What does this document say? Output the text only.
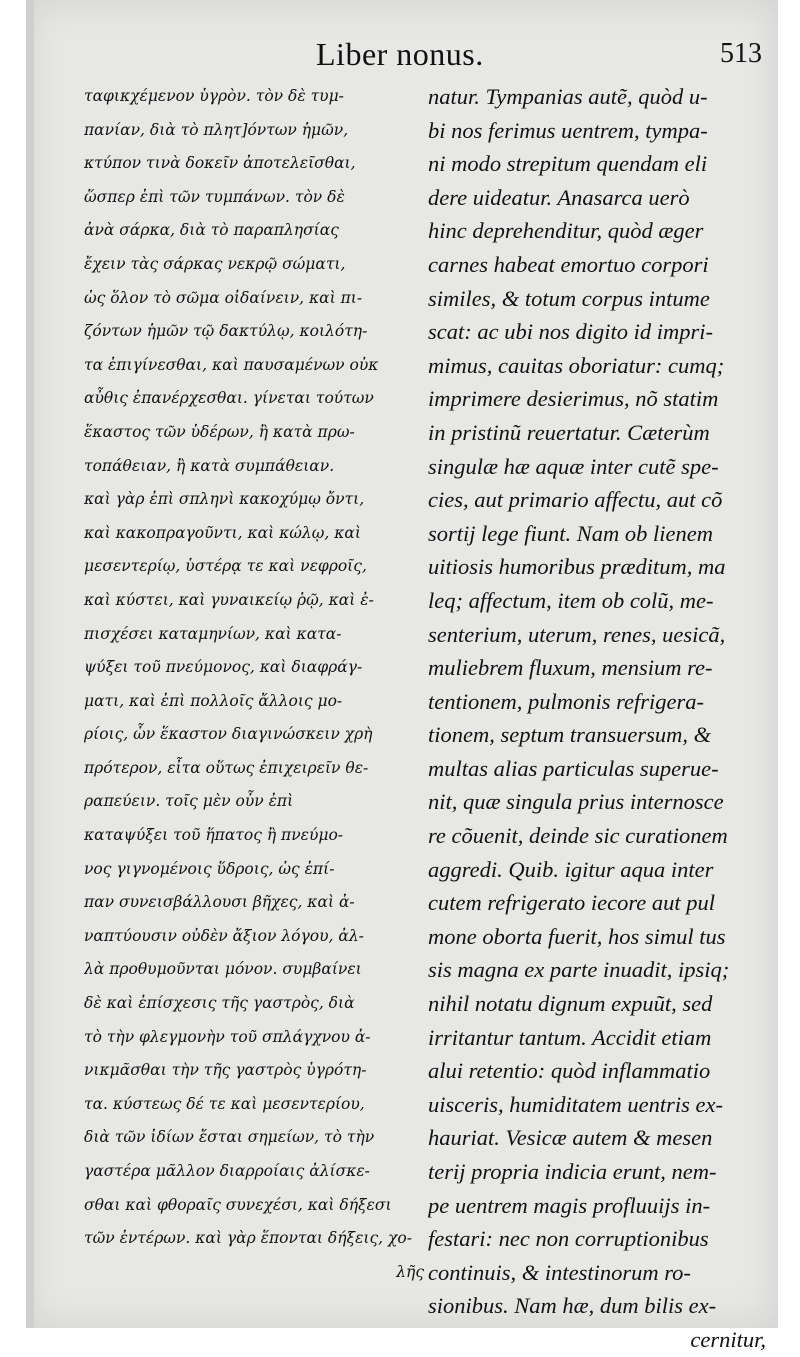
Liber nonus.	513
ταφικχέμενον ὑγρὸν. τὸν δὲ τυμ-
πανίαν, διὰ τὸ πλητ]όντων ἡμῶν,
κτύπον τινὰ δοκεῖν ἀποτελεῖσθαι,
ὥσπερ ἐπὶ τῶν τυμπάνων. τὸν δὲ
ἀνὰ σάρκα, διὰ τὸ παραπλησίας
ἔχειν τὰς σάρκας νεκρῷ σώματι,
ὡς ὅλον τὸ σῶμα οἰδαίνειν, καὶ πι-
ζόντων ἡμῶν τῷ δακτύλῳ, κοιλότη-
τα ἐπιγίνεσθαι, καὶ παυσαμένων οὐκ
αὖθις ἐπανέρχεσθαι. γίνεται τούτων
ἕκαστος τῶν ὑδέρων, ἢ κατὰ πρω-
τοπάθειαν, ἢ κατὰ συμπάθειαν.
καὶ γὰρ ἐπὶ σπληνὶ κακοχύμῳ ὄντι,
καὶ κακοπραγοῦντι, καὶ κώλῳ, καὶ
μεσεντερίῳ, ὑστέρᾳ τε καὶ νεφροῖς,
καὶ κύστει, καὶ γυναικείῳ ῥῷ, καὶ ἐ-
πισχέσει καταμηνίων, καὶ κατα-
ψύξει τοῦ πνεύμονος, καὶ διαφράγ-
ματι, καὶ ἐπὶ πολλοῖς ἄλλοις μο-
ρίοις, ὧν ἕκαστον διαγινώσκειν χρὴ
πρότερον, εἶτα οὕτως ἐπιχειρεῖν θε-
ραπεύειν. τοῖς μὲν οὖν ἐπὶ
καταψύξει τοῦ ἥπατος ἢ πνεύμο-
νος γιγνομένοις ὕδροις, ὡς ἐπί-
παν συνεισβάλλουσι βῆχες, καὶ ἀ-
ναπτύουσιν οὐδὲν ἄξιον λόγου, ἀλ-
λὰ προθυμοῦνται μόνον. συμβαίνει
δὲ καὶ ἐπίσχεσις τῆς γαστρὸς, διὰ
τὸ τὴν φλεγμονὴν τοῦ σπλάγχνου ἀ-
νικμᾶσθαι τὴν τῆς γαστρὸς ὑγρότη-
τα. κύστεως δέ τε καὶ μεσεντερίου,
διὰ τῶν ἰδίων ἔσται σημείων, τὸ τὴν
γαστέρα μᾶλλον διαρροίαις ἀλίσκε-
σθαι καὶ φθοραῖς συνεχέσι, καὶ δήξεσι
τῶν ἐντέρων. καὶ γὰρ ἕπονται δήξεις, χο-
λῆς
natur. Tympanias autẽ, quòd u-
bi nos ferimus uentrem, tympa-
ni modo strepitum quendam eli
dere uideatur. Anasarca uerò
hinc deprehenditur, quòd æger
carnes habeat emortuo corpori
similes, & totum corpus intume
scat: ac ubi nos digito id impri-
mimus, cauitas oboriatur: cumq;
imprimere desierimus, nõ statim
in pristinũ reuertatur. Cæterùm
singulæ hæ aquæ inter cutẽ spe-
cies, aut primario affectu, aut cõ
sortij lege fiunt. Nam ob lienem
uitiosis humoribus præditum, ma
leq; affectum, item ob colũ, me-
senterium, uterum, renes, uesicã,
muliebrem fluxum, mensium re-
tentionem, pulmonis refrigera-
tionem, septum transuersum, &
multas alias particulas superue-
nit, quæ singula prius internosce
re cõuenit, deinde sic curationem
aggredi. Quib. igitur aqua inter
cutem refrigerato iecore aut pul
mone oborta fuerit, hos simul tus
sis magna ex parte inuadit, ipsiq;
nihil notatu dignum expuũt, sed
irritantur tantum. Accidit etiam
alui retentio: quòd inflammatio
uisceris, humiditatem uentris ex-
hauriat. Vesicæ autem & mesen
terij propria indicia erunt, nem-
pe uentrem magis profluuijs in-
festari: nec non corruptionibus
continuis, & intestinorum ro-
sionibus. Nam hæ, dum bilis ex-
cernitur,
